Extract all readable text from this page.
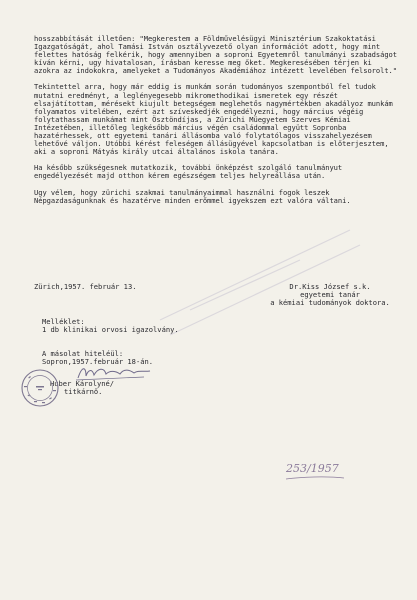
hosszabbítását illetően: "Megkerestem a Földművelésügyi Minisztérium Szakoktatási Igazgatóságát, ahol Tamási István osztályvezető olyan információt adott, hogy mint felettes hatóság felkérik, hogy amennyiben a soproni Egyetemről tanulmányi szabadságot kíván kérni, ugy hivatalosan, írásban keresse meg őket. Megkeresésében térjen ki azokra az indokokra, amelyeket a Tudományos Akadémiához intézett levelében felsorolt."

Tekintettel arra, hogy már eddig is munkám során tudományos szempontból fel tudok mutatni eredményt, a leglényegesebb mikromethodikai ismeretek egy részét elsajátítottam, mérésekt kiujult betegségem meglehetős nagymértékben akadályoz munkám folyamatos vitelében, ezért azt szíveskedjék engedélyezni, hogy március végéig folytathassam munkámat mint Ösztöndíjas, a Zürichi Müegyetem Szerves Kémiai Intézetében, illetőleg legkésőbb március végén családommal együtt Sopronba hazatérhessek, ott egyetemi tanári állásomba való folytatólagos visszahelyezésem lehetővé váljon. Utóbbi kérést feleségem állásügyével kapcsolatban is előterjesztem, aki a soproni Mátyás király utcai általános iskola tanára.

Ha később szükségesnek mutatkozik, további önképzést szolgáló tanulmányut engedélyezését majd otthon kérem egészségem teljes helyreállása után.

Ugy vélem, hogy zürichi szakmai tanulmányaimmal használni fogok leszek Népgazdaságunknak és hazatérve minden erőmmel igyekszem ezt valóra váltani.

Zürich,1957. február 13.	Dr.Kiss József s.k.
egyetemi tanár
a kémiai tudományok doktora.
Melléklet:
1 db klinikai orvosi igazolvány.
A másolat hiteléül:
Sopron,1957.február 18-án.
Huber Károlyné/
titkárnő.
253/1957
